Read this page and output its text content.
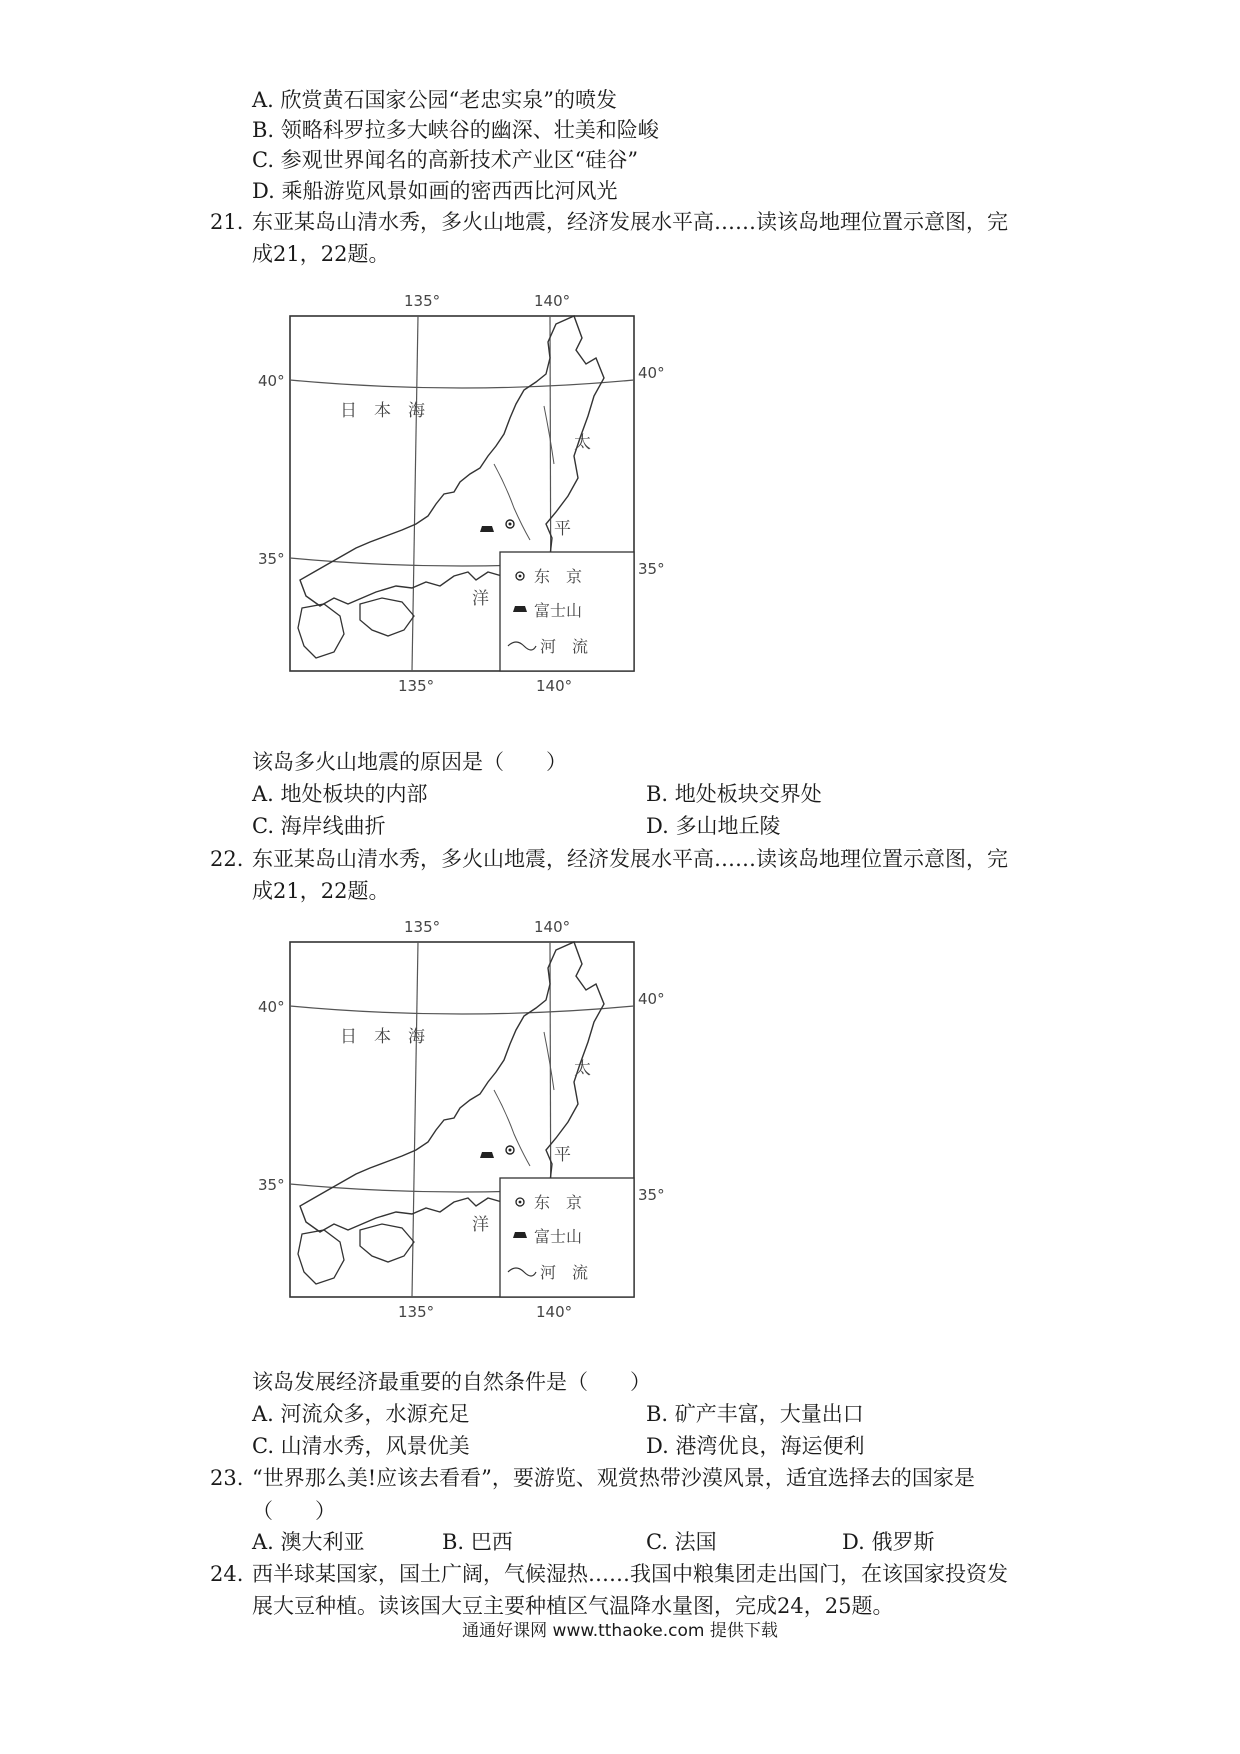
A. 欣赏黄石国家公园“老忠实泉”的喷发
B. 领略科罗拉多大峡谷的幽深、壮美和险峻
C. 参观世界闻名的高新技术产业区“硅谷”
D. 乘船游览风景如画的密西西比河风光
21. 东亚某岛山清水秀，多火山地震，经济发展水平高……读该岛地理位置示意图，完
成21，22题。
135°	140°
135°	140°
40°	40°
35°
35°
日 本 海
太
平
洋
东　京
富士山
河　流
该岛多火山地震的原因是（　　）
A. 地处板块的内部	B. 地处板块交界处
C. 海岸线曲折	D. 多山地丘陵
22. 东亚某岛山清水秀，多火山地震，经济发展水平高……读该岛地理位置示意图，完
成21，22题。
135°	140°
135°	140°
40°	40°
35°
35°
日 本 海
太
平
洋
东　京
富士山
河　流
该岛发展经济最重要的自然条件是（　　）
A. 河流众多，水源充足	B. 矿产丰富，大量出口
C. 山清水秀，风景优美	D. 港湾优良，海运便利
23. “世界那么美!应该去看看”，要游览、观赏热带沙漠风景，适宜选择去的国家是
（　　）
A. 澳大利亚	B. 巴西	C. 法国	D. 俄罗斯
24. 西半球某国家，国土广阔，气候湿热……我国中粮集团走出国门，在该国家投资发
展大豆种植。读该国大豆主要种植区气温降水量图，完成24，25题。
通通好课网 www.tthaoke.com 提供下载
